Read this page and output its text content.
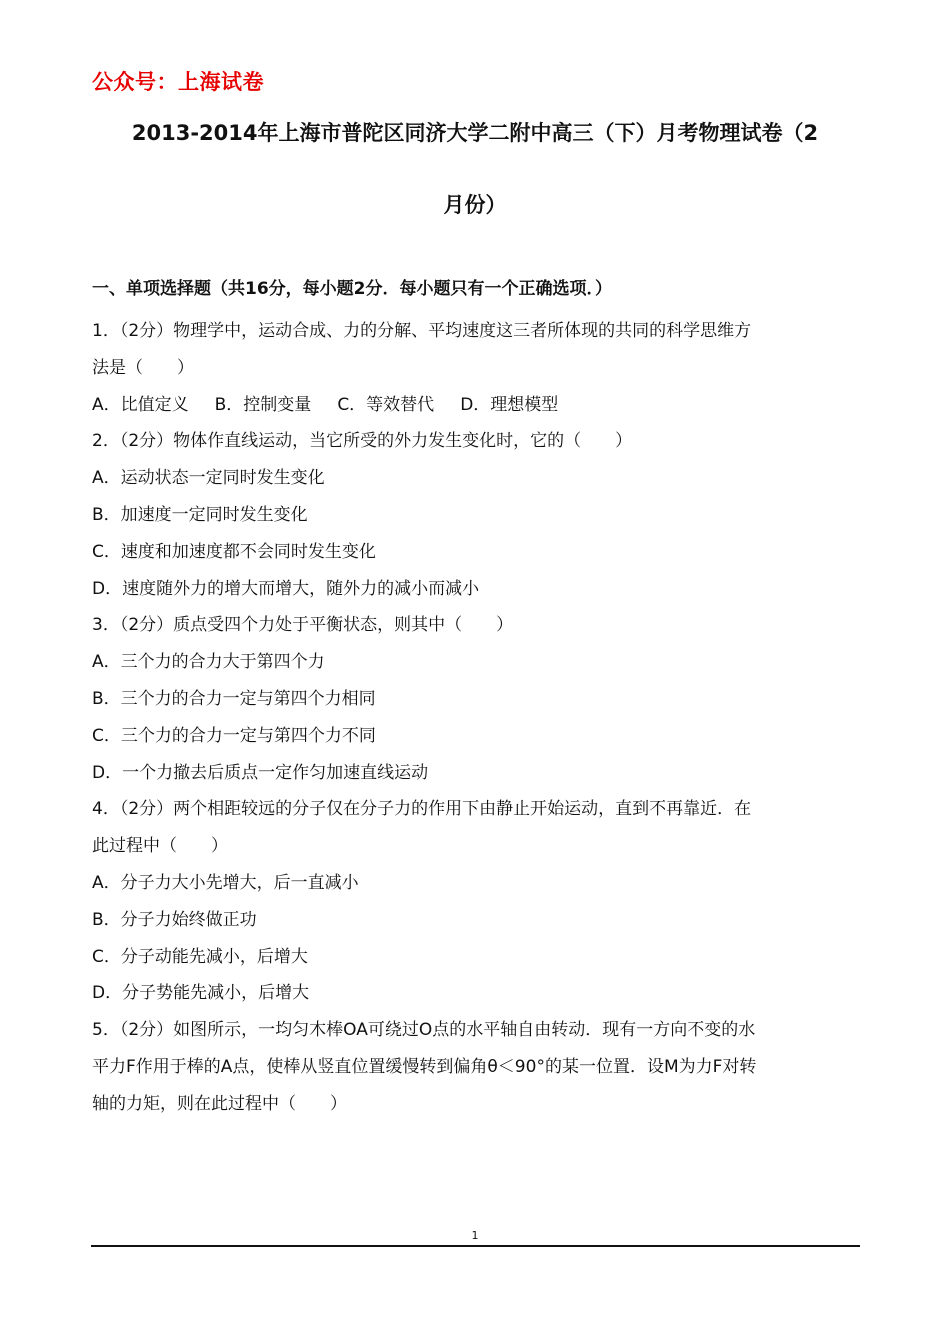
公众号：上海试卷
2013-2014年上海市普陀区同济大学二附中高三（下）月考物理试卷（2
月份）
一、单项选择题（共16分，每小题2分．每小题只有一个正确选项．）
1．（2分）物理学中，运动合成、力的分解、平均速度这三者所体现的共同的科学思维方
法是（　　）
A．比值定义 B．控制变量 C．等效替代 D．理想模型
2．（2分）物体作直线运动，当它所受的外力发生变化时，它的（　　）
A．运动状态一定同时发生变化
B．加速度一定同时发生变化
C．速度和加速度都不会同时发生变化
D．速度随外力的增大而增大，随外力的减小而减小
3．（2分）质点受四个力处于平衡状态，则其中（　　）
A．三个力的合力大于第四个力
B．三个力的合力一定与第四个力相同
C．三个力的合力一定与第四个力不同
D．一个力撤去后质点一定作匀加速直线运动
4．（2分）两个相距较远的分子仅在分子力的作用下由静止开始运动，直到不再靠近．在
此过程中（　　）
A．分子力大小先增大，后一直减小
B．分子力始终做正功
C．分子动能先减小，后增大
D．分子势能先减小，后增大
5．（2分）如图所示，一均匀木棒OA可绕过O点的水平轴自由转动．现有一方向不变的水
平力F作用于棒的A点，使棒从竖直位置缓慢转到偏角θ＜90°的某一位置．设M为力F对转
轴的力矩，则在此过程中（　　）
1
